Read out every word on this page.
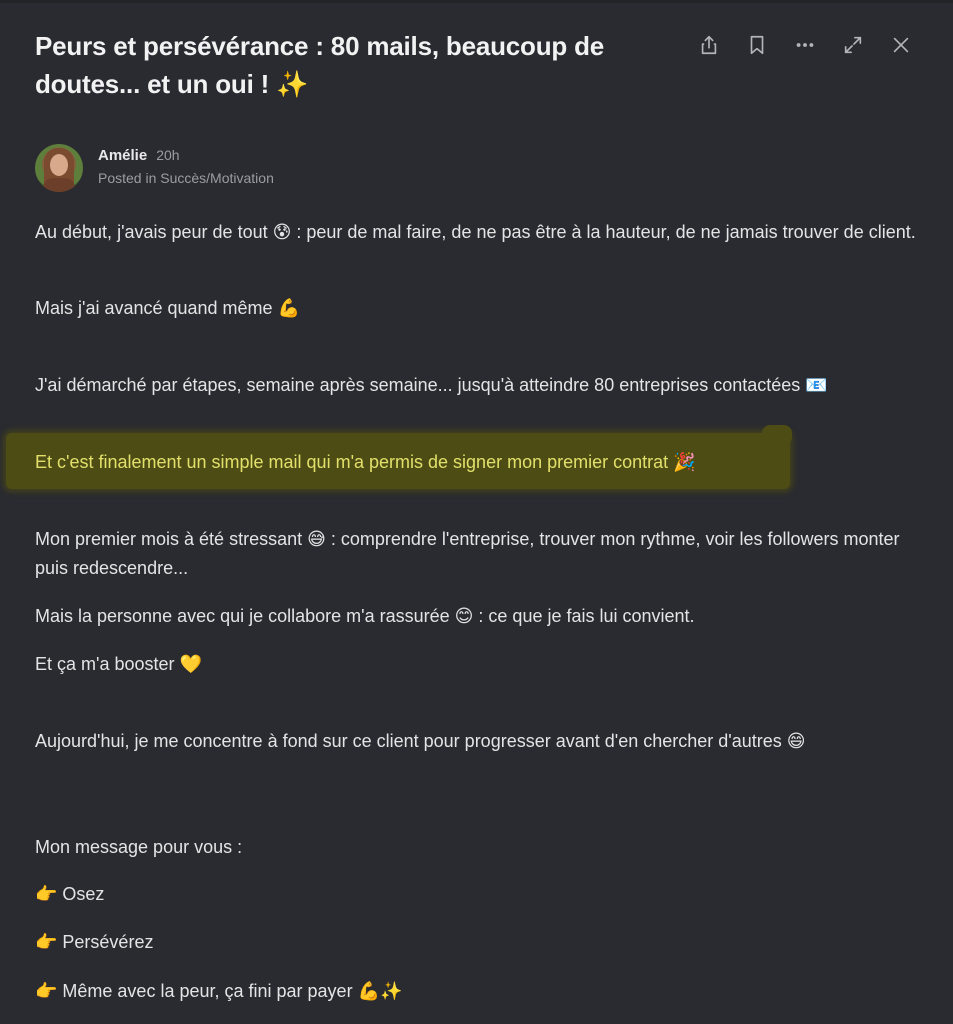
Peurs et persévérance : 80 mails, beaucoup de doutes... et un oui ! ✨
Amélie 20h
Posted in Succès/Motivation

Au début, j'avais peur de tout 😰 : peur de mal faire, de ne pas être à la hauteur, de ne jamais trouver de client.

Mais j'ai avancé quand même 💪

J'ai démarché par étapes, semaine après semaine... jusqu'à atteindre 80 entreprises contactées 📧

Et c'est finalement un simple mail qui m'a permis de signer mon premier contrat 🎉

Mon premier mois à été stressant 😅 : comprendre l'entreprise, trouver mon rythme, voir les followers monter puis redescendre...

Mais la personne avec qui je collabore m'a rassurée 😊 : ce que je fais lui convient.

Et ça m'a booster 💛

Aujourd'hui, je me concentre à fond sur ce client pour progresser avant d'en chercher d'autres 😄

Mon message pour vous :

👉 Osez

👉 Persévérez

👉 Même avec la peur, ça fini par payer 💪✨
